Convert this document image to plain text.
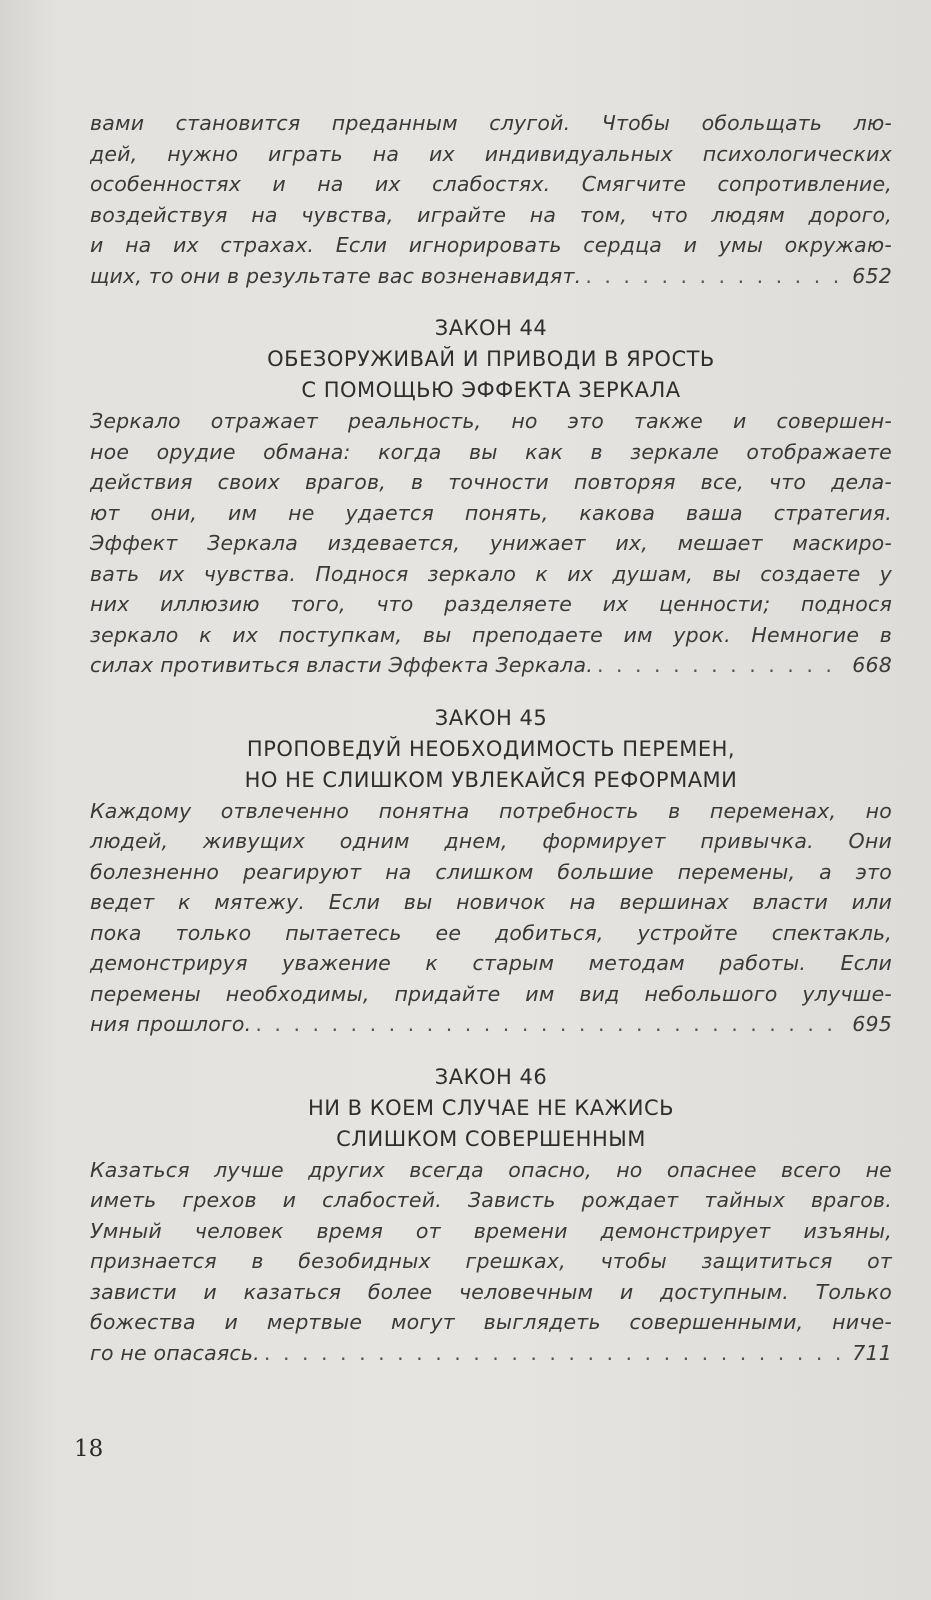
вами становится преданным слугой. Чтобы обольщать лю-
дей, нужно играть на их индивидуальных психологических
особенностях и на их слабостях. Смягчите сопротивление,
воздействуя на чувства, играйте на том, что людям дорого,
и на их страхах. Если игнорировать сердца и умы окружаю-
щих, то они в результате вас возненавидят. . . .	652
ЗАКОН 44
ОБЕЗОРУЖИВАЙ И ПРИВОДИ В ЯРОСТЬ
С ПОМОЩЬЮ ЭФФЕКТА ЗЕРКАЛА
Зеркало отражает реальность, но это также и совершен-
ное орудие обмана: когда вы как в зеркале отображаете
действия своих врагов, в точности повторяя все, что дела-
ют они, им не удается понять, какова ваша стратегия.
Эффект Зеркала издевается, унижает их, мешает маскиро-
вать их чувства. Поднося зеркало к их душам, вы создаете у
них иллюзию того, что разделяете их ценности; поднося
зеркало к их поступкам, вы преподаете им урок. Немногие в
силах противиться власти Эффекта Зеркала. . . .	668
ЗАКОН 45
ПРОПОВЕДУЙ НЕОБХОДИМОСТЬ ПЕРЕМЕН,
НО НЕ СЛИШКОМ УВЛЕКАЙСЯ РЕФОРМАМИ
Каждому отвлеченно понятна потребность в переменах, но
людей, живущих одним днем, формирует привычка. Они
болезненно реагируют на слишком большие перемены, а это
ведет к мятежу. Если вы новичок на вершинах власти или
пока только пытаетесь ее добиться, устройте спектакль,
демонстрируя уважение к старым методам работы. Если
перемены необходимы, придайте им вид небольшого улучше-
ния прошлого. . . .	695
ЗАКОН 46
НИ В КОЕМ СЛУЧАЕ НЕ КАЖИСЬ
СЛИШКОМ СОВЕРШЕННЫМ
Казаться лучше других всегда опасно, но опаснее всего не
иметь грехов и слабостей. Зависть рождает тайных врагов.
Умный человек время от времени демонстрирует изъяны,
признается в безобидных грешках, чтобы защититься от
зависти и казаться более человечным и доступным. Только
божества и мертвые могут выглядеть совершенными, ниче-
го не опасаясь. . . .	711
18
